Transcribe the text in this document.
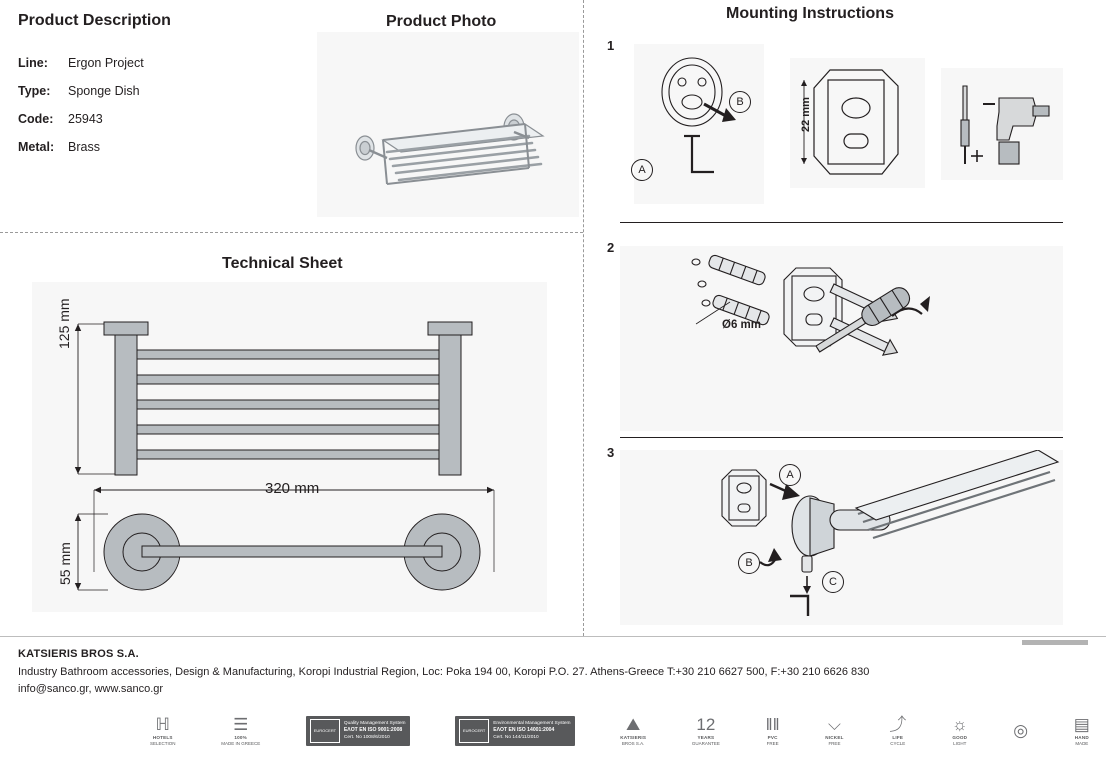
Product Description
Line:	Ergon Project
Type:	Sponge Dish
Code:	25943
Metal:	Brass
Product Photo
Technical Sheet
125 mm
320 mm
55 mm
Mounting Instructions
1
2
3
B
A
22 mm
Ø6 mm
A
B
C
KATSIERIS BROS S.A.
Industry Bathroom accessories, Design & Manufacturing, Koropi Industrial Region, Loc: Poka 194 00, Koropi P.O. 27. Athens-Greece T:+30 210 6627 500, F:+30 210 6626 830
info@sanco.gr, www.sanco.gr
ℍ
HOTELS
SELECTION
☰
100%
MADE IN GREECE
EUROCERT
Quality Management System
EΛOT EN ISO 9001:2008
Cert. No 1008/6/2010
EUROCERT
Environmental Management System
EΛOT EN ISO 14001:2004
Cert. No 144/11/2010
⛰
KATSIERIS
BROS S.A.
12
YEARS
GUARANTEE
‖‖
PVC
FREE
⌵
NICKEL
FREE
⤴
LIFE
CYCLE
☼
GOOD
LIGHT
◎	▤
HAND
MADE
